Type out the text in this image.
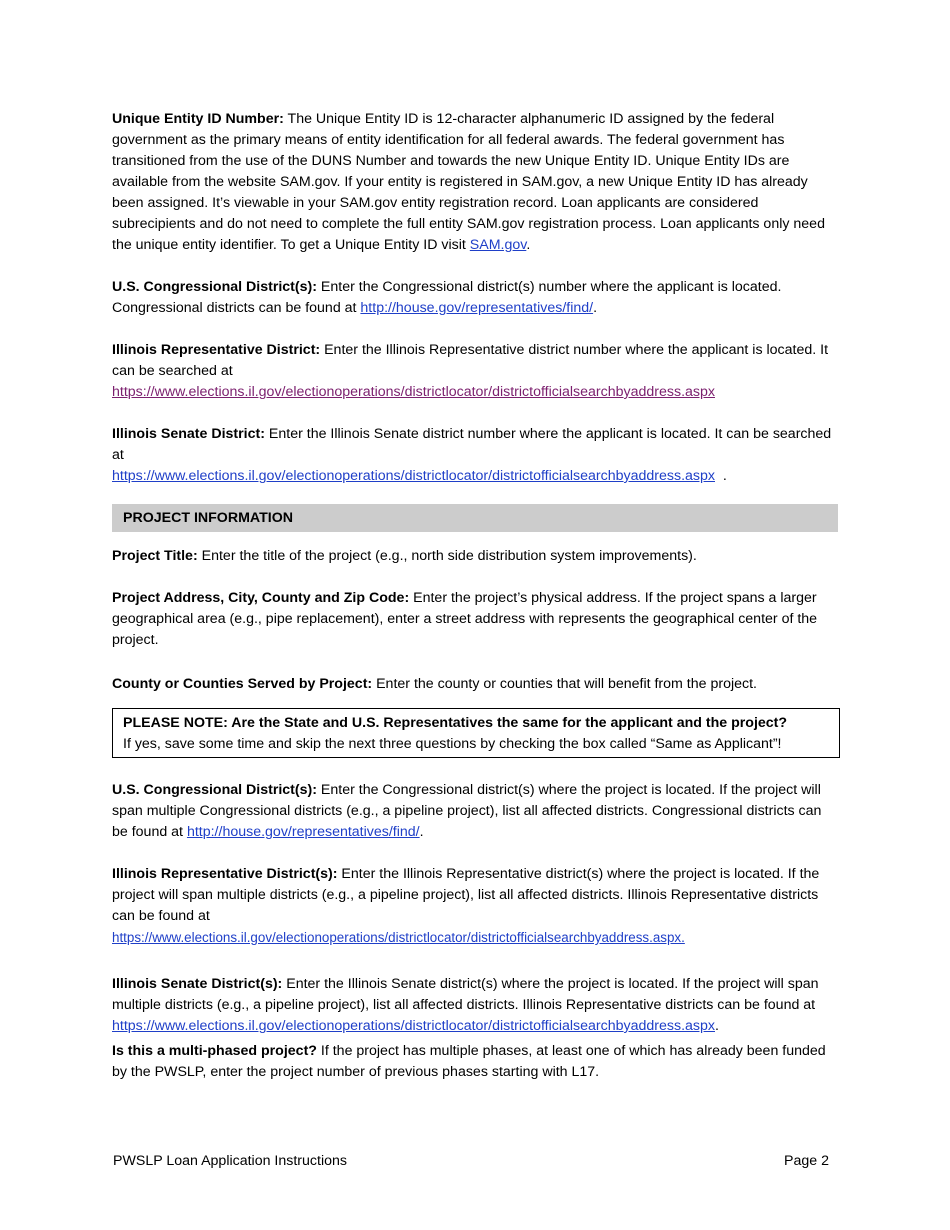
Unique Entity ID Number: The Unique Entity ID is 12-character alphanumeric ID assigned by the federal government as the primary means of entity identification for all federal awards. The federal government has transitioned from the use of the DUNS Number and towards the new Unique Entity ID. Unique Entity IDs are available from the website SAM.gov. If your entity is registered in SAM.gov, a new Unique Entity ID has already been assigned. It’s viewable in your SAM.gov entity registration record. Loan applicants are considered subrecipients and do not need to complete the full entity SAM.gov registration process. Loan applicants only need the unique entity identifier. To get a Unique Entity ID visit SAM.gov.

U.S. Congressional District(s): Enter the Congressional district(s) number where the applicant is located. Congressional districts can be found at http://house.gov/representatives/find/.

Illinois Representative District: Enter the Illinois Representative district number where the applicant is located. It can be searched at
https://www.elections.il.gov/electionoperations/districtlocator/districtofficialsearchbyaddress.aspx

Illinois Senate District: Enter the Illinois Senate district number where the applicant is located. It can be searched at
https://www.elections.il.gov/electionoperations/districtlocator/districtofficialsearchbyaddress.aspx  .

PROJECT INFORMATION

Project Title: Enter the title of the project (e.g., north side distribution system improvements).

Project Address, City, County and Zip Code: Enter the project’s physical address. If the project spans a larger geographical area (e.g., pipe replacement), enter a street address with represents the geographical center of the project.

County or Counties Served by Project: Enter the county or counties that will benefit from the project.

PLEASE NOTE: Are the State and U.S. Representatives the same for the applicant and the project?
If yes, save some time and skip the next three questions by checking the box called “Same as Applicant”!

U.S. Congressional District(s): Enter the Congressional district(s) where the project is located. If the project will span multiple Congressional districts (e.g., a pipeline project), list all affected districts. Congressional districts can be found at http://house.gov/representatives/find/.

Illinois Representative District(s): Enter the Illinois Representative district(s) where the project is located. If the project will span multiple districts (e.g., a pipeline project), list all affected districts. Illinois Representative districts can be found at
https://www.elections.il.gov/electionoperations/districtlocator/districtofficialsearchbyaddress.aspx.

Illinois Senate District(s): Enter the Illinois Senate district(s) where the project is located. If the project will span multiple districts (e.g., a pipeline project), list all affected districts. Illinois Representative districts can be found at
https://www.elections.il.gov/electionoperations/districtlocator/districtofficialsearchbyaddress.aspx.

Is this a multi-phased project? If the project has multiple phases, at least one of which has already been funded by the PWSLP, enter the project number of previous phases starting with L17.

PWSLP Loan Application Instructions	Page 2
